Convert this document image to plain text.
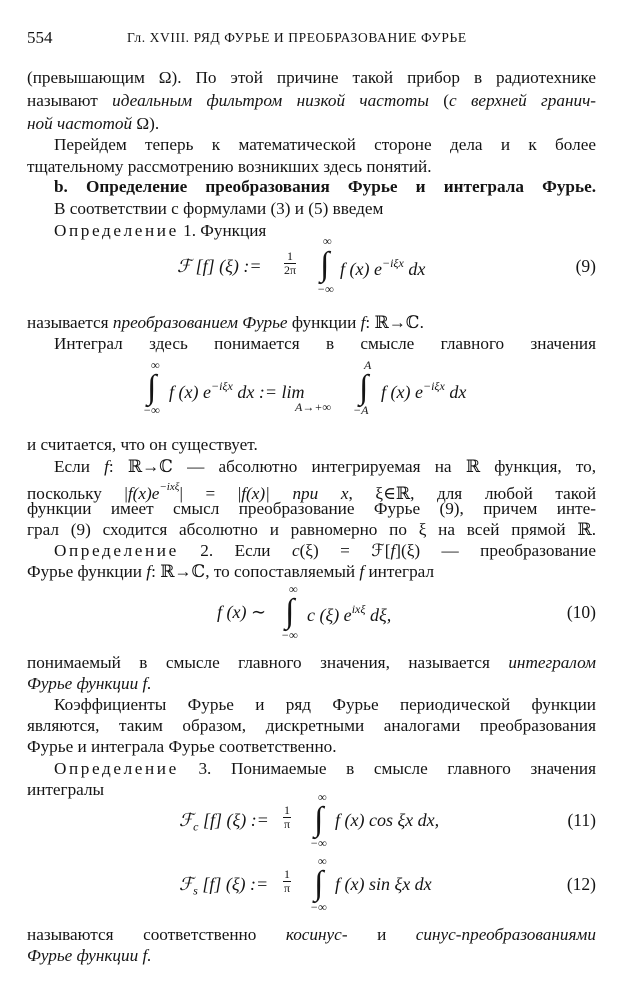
554	Гл. XVIII. РЯД ФУРЬЕ И ПРЕОБРАЗОВАНИЕ ФУРЬЕ
(превышающим Ω). По этой причине такой прибор в радиотехнике
называют идеальным фильтром низкой частоты (с верхней гранич-
ной частотой Ω).
Перейдем теперь к математической стороне дела и к более
тщательному рассмотрению возникших здесь понятий.
b. Определение преобразования Фурье и интеграла Фурье.
В соответствии с формулами (3) и (5) введем
Определение 1. Функция
ℱ [f] (ξ) := $\frac{1}{2\pi}$
∞
∫
−∞
f (x) $e^{-i\xi x}$ dx	(9)
называется преобразованием Фурье функции f: ℝ→ℂ.
Интеграл здесь понимается в смысле главного значения
∞
∫
−∞
f (x) $e^{-i\xi x}$ dx := lim
A→+∞
A
∫
−A
f (x) $e^{-i\xi x}$ dx
и считается, что он существует.
Если f: ℝ→ℂ — абсолютно интегрируемая на ℝ функция, то,
поскольку $|f(x)e^{-ix\xi}| = |f(x)|$ при x, ξ∈ℝ, для любой такой
функции имеет смысл преобразование Фурье (9), причем инте-
грал (9) сходится абсолютно и равномерно по ξ на всей прямой ℝ.
Определение 2. Если c(ξ) = ℱ[f](ξ) — преобразование
Фурье функции f: ℝ→ℂ, то сопоставляемый f интеграл
f (x) ∼
∞
∫
−∞
c (ξ) $e^{ix\xi}$ dξ,	(10)
понимаемый в смысле главного значения, называется интегралом
Фурье функции f.
Коэффициенты Фурье и ряд Фурье периодической функции
являются, таким образом, дискретными аналогами преобразования
Фурье и интеграла Фурье соответственно.
Определение 3. Понимаемые в смысле главного значения
интегралы
ℱ$_c$ [f] (ξ) := $\frac{1}{\pi}$
∞
∫
−∞
f (x) cos ξx dx,	(11)
ℱ$_s$ [f] (ξ) := $\frac{1}{\pi}$
∞
∫
−∞
f (x) sin ξx dx	(12)
называются соответственно косинус- и синус-преобразованиями
Фурье функции f.
